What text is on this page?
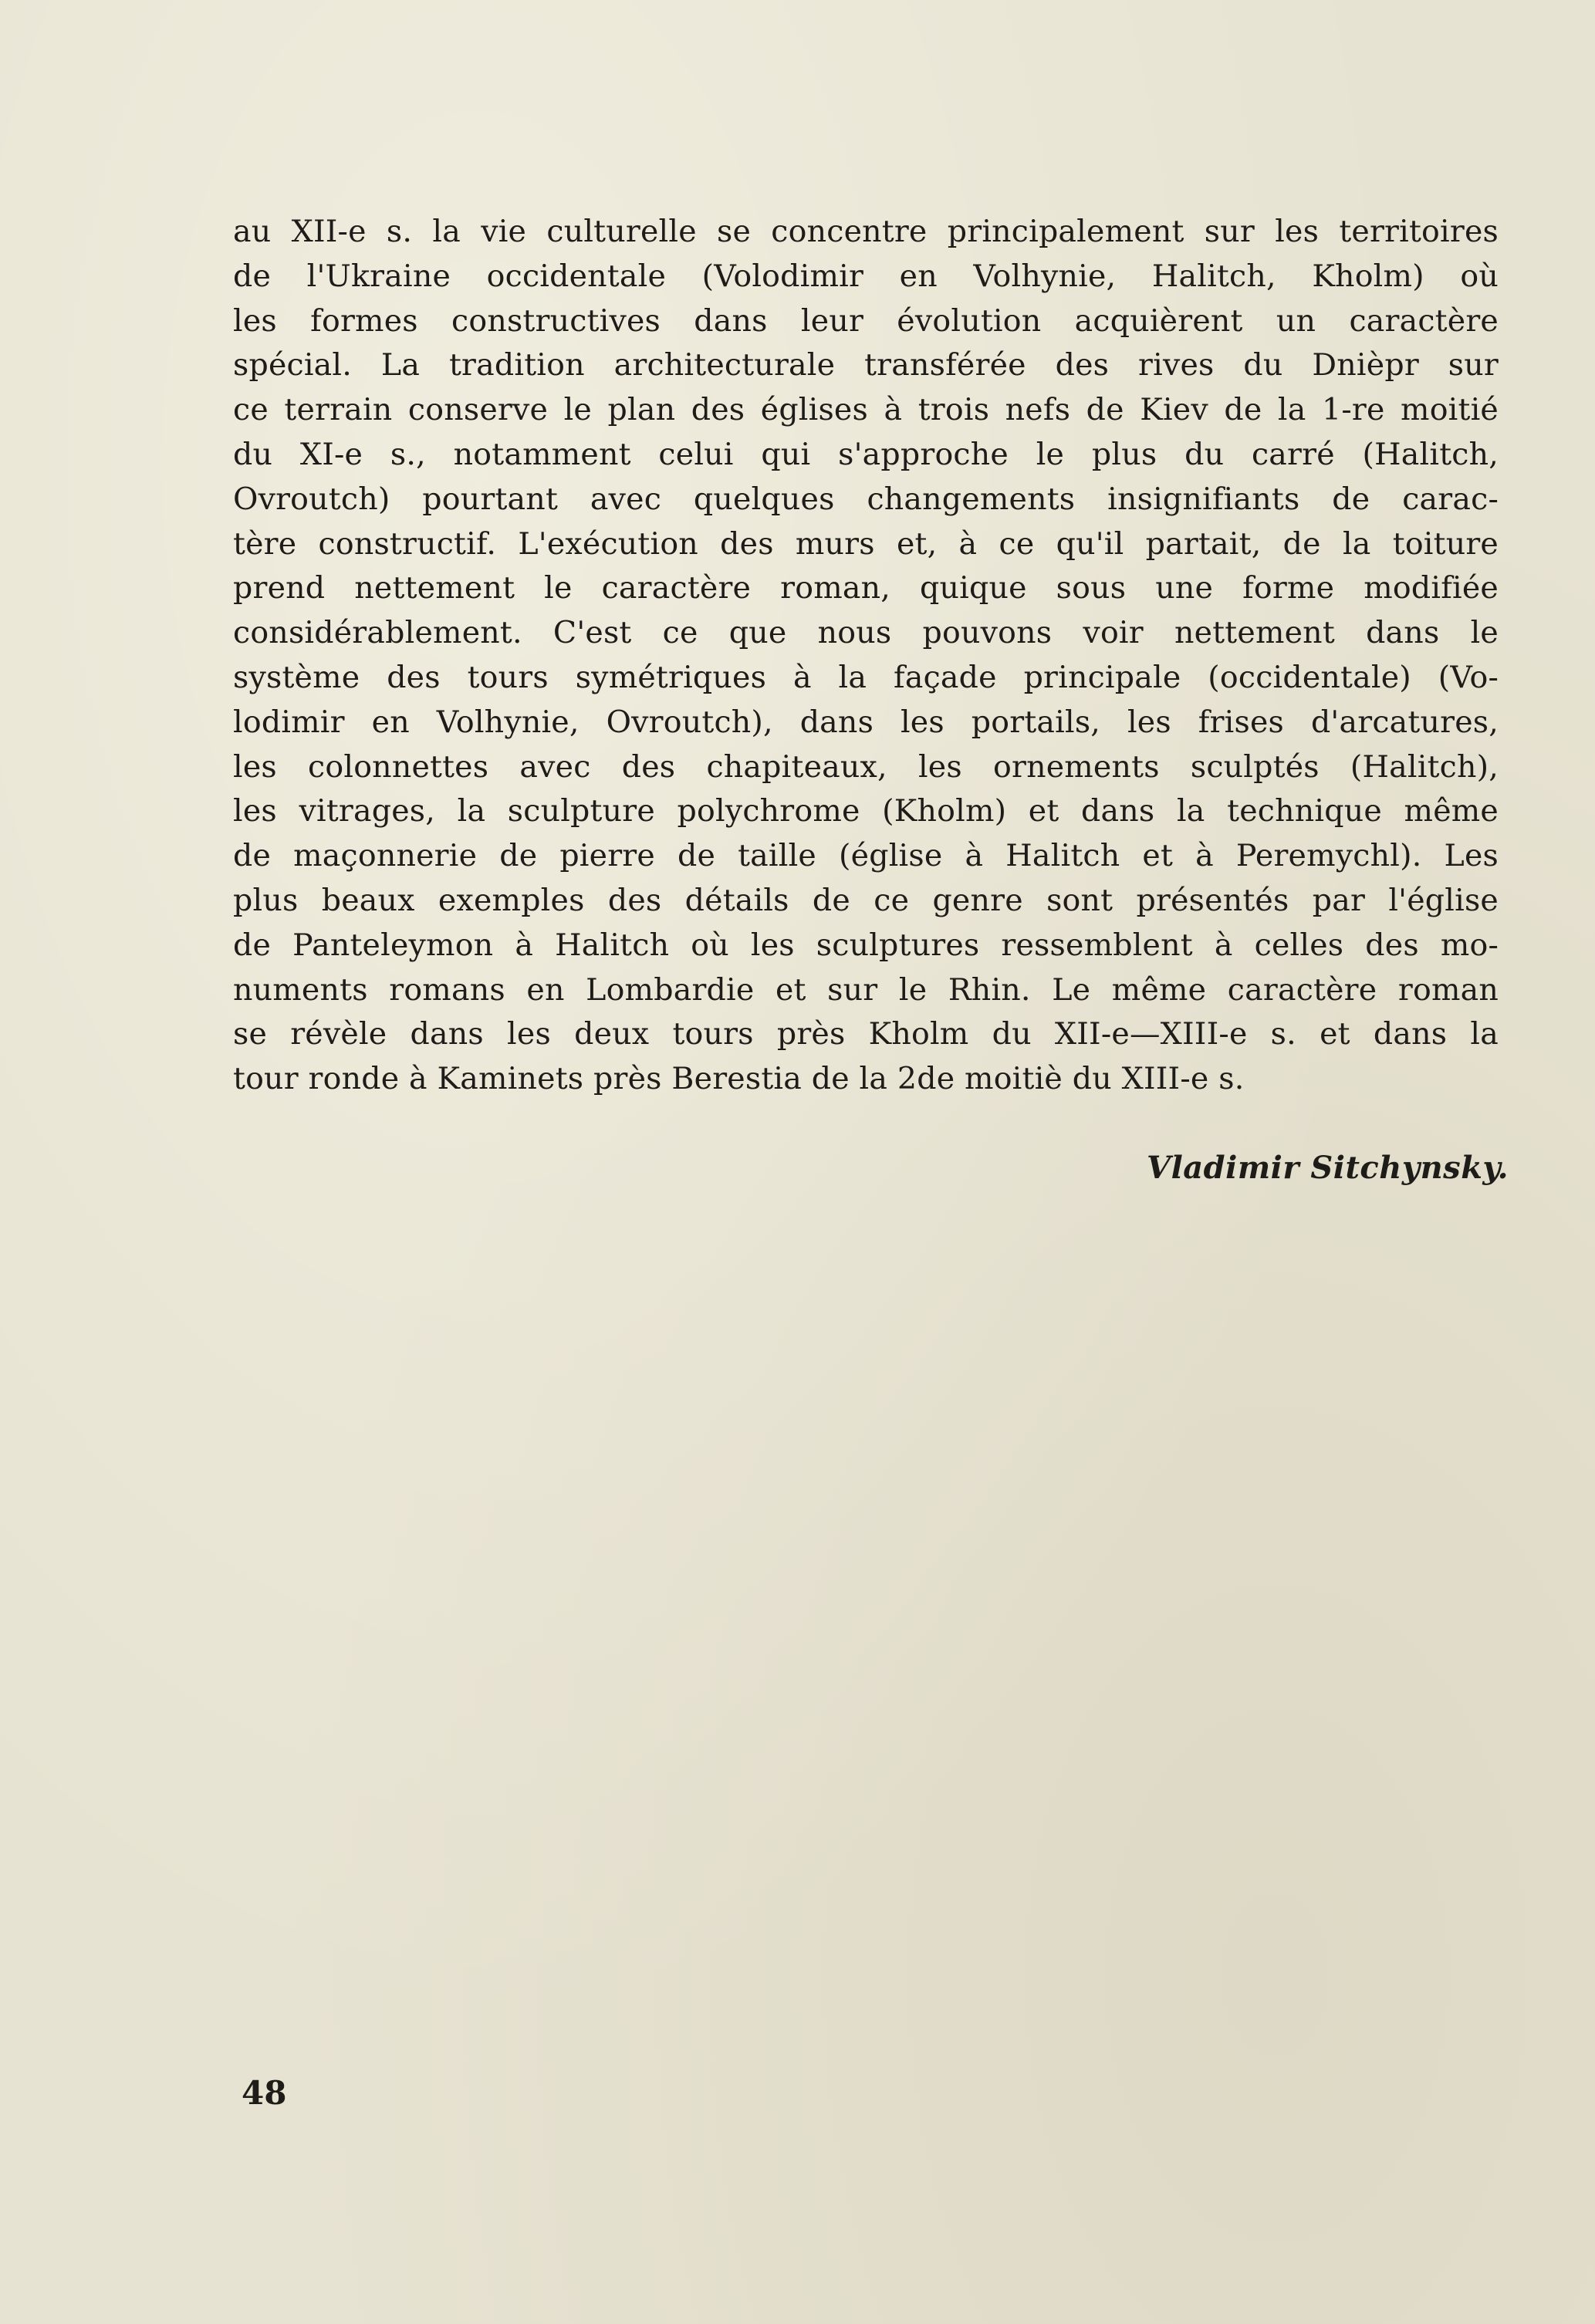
au XII-e s. la vie culturelle se concentre principalement sur les territoires
de l'Ukraine occidentale (Volodimir en Volhynie, Halitch, Kholm) où
les formes constructives dans leur évolution acquièrent un caractère
spécial. La tradition architecturale transférée des rives du Dnièpr sur
ce terrain conserve le plan des églises à trois nefs de Kiev de la 1-re moitié
du XI-e s., notamment celui qui s'approche le plus du carré (Halitch,
Ovroutch) pourtant avec quelques changements insignifiants de carac-
tère constructif. L'exécution des murs et, à ce qu'il partait, de la toiture
prend nettement le caractère roman, quique sous une forme modifiée
considérablement. C'est ce que nous pouvons voir nettement dans le
système des tours symétriques à la façade principale (occidentale) (Vo-
lodimir en Volhynie, Ovroutch), dans les portails, les frises d'arcatures,
les colonnettes avec des chapiteaux, les ornements sculptés (Halitch),
les vitrages, la sculpture polychrome (Kholm) et dans la technique même
de maçonnerie de pierre de taille (église à Halitch et à Peremychl). Les
plus beaux exemples des détails de ce genre sont présentés par l'église
de Panteleymon à Halitch où les sculptures ressemblent à celles des mo-
numents romans en Lombardie et sur le Rhin. Le même caractère roman
se révèle dans les deux tours près Kholm du XII-e—XIII-e s. et dans la
tour ronde à Kaminets près Berestia de la 2de moitiè du XIII-e s.
Vladimir Sitchynsky.
48
